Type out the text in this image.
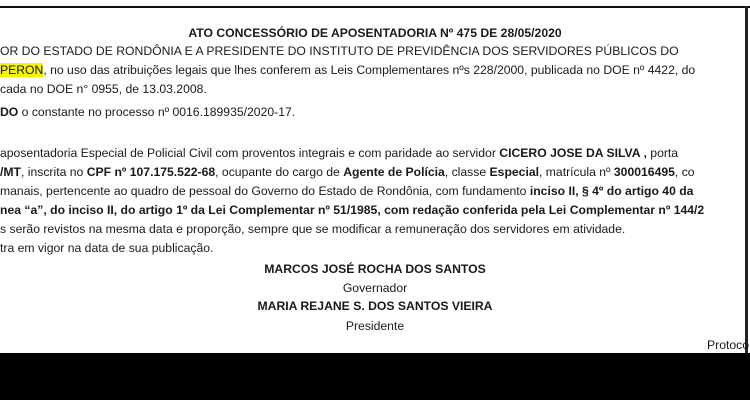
ATO CONCESSÓRIO DE APOSENTADORIA Nº 475 DE 28/05/2020
OR DO ESTADO DE RONDÔNIA E A PRESIDENTE DO INSTITUTO DE PREVIDÊNCIA DOS SERVIDORES PÚBLICOS DO
PERON, no uso das atribuições legais que lhes conferem as Leis Complementares nºs 228/2000, publicada no DOE nº 4422, do
cada no DOE n° 0955, de 13.03.2008.
DO o constante no processo nº 0016.189935/2020-17.
aposentadoria Especial de Policial Civil com proventos integrais e com paridade ao servidor CICERO JOSE DA SILVA , porta
/MT, inscrita no CPF nº 107.175.522-68, ocupante do cargo de Agente de Polícia, classe Especial, matrícula nº 300016495, co
manais, pertencente ao quadro de pessoal do Governo do Estado de Rondônia, com fundamento inciso II, § 4º do artigo 40 da
nea “a”, do inciso II, do artigo 1º da Lei Complementar nº 51/1985, com redação conferida pela Lei Complementar nº 144/2
s serão revistos na mesma data e proporção, sempre que se modificar a remuneração dos servidores em atividade.
tra em vigor na data de sua publicação.
MARCOS JOSÉ ROCHA DOS SANTOS
Governador
MARIA REJANE S. DOS SANTOS VIEIRA
Presidente
Protoco
